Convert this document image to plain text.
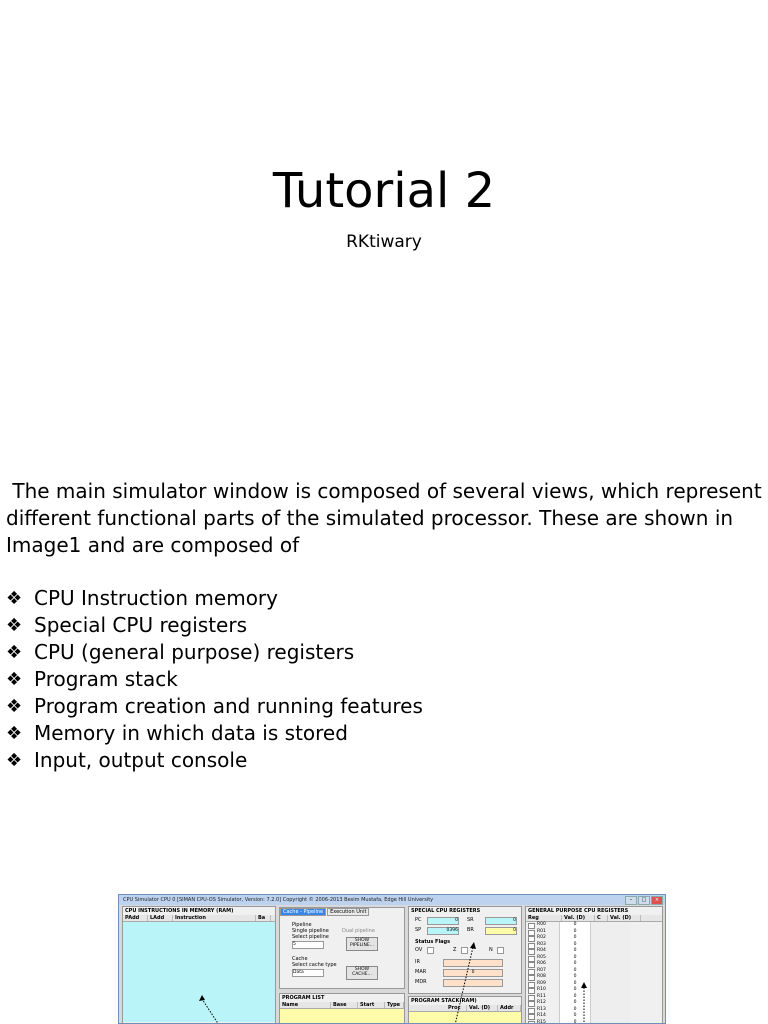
Tutorial 2
RKtiwary

The main simulator window is composed of several views, which represent different functional parts of the simulated processor. These are shown in Image1 and are composed of

❖ CPU Instruction memory
❖ Special CPU registers
❖ CPU (general purpose) registers
❖ Program stack
❖ Program creation and running features
❖ Memory in which data is stored
❖ Input, output console
CPU Simulator CPU 0 [SIMAN CPU-OS Simulator, Version: 7.2.0] Copyright © 2006-2013 Besim Mustafa, Edge Hill University	–	□	×
CPU INSTRUCTIONS IN MEMORY (RAM)
PAdd	LAdd	Instruction	Ba
Cache - Pipeline	Execution Unit
Pipeline
Single pipeline	Dual pipeline
Select pipeline
5
SHOW PIPELINE...
Cache
Select cache type
Data
SHOW CACHE...
PROGRAM LIST
Name	Base	Start	Type
SPECIAL CPU REGISTERS
PC	0 SR	0
SP	0396 BR	0
Status Flags
OV	Z	N
IR
MAR	0
MDR
PROGRAM STACK(RAM)
Proc	Val. (D)	Addr
GENERAL PURPOSE CPU REGISTERS
Reg	Val. (D)	C	Val. (D)
R00	0
R01	0
R02	0
R03	0
R04	0
R05	0
R06	0
R07	0
R08	0
R09	0
R10	0
R11	0
R12	0
R13	0
R14	0
R15	0
